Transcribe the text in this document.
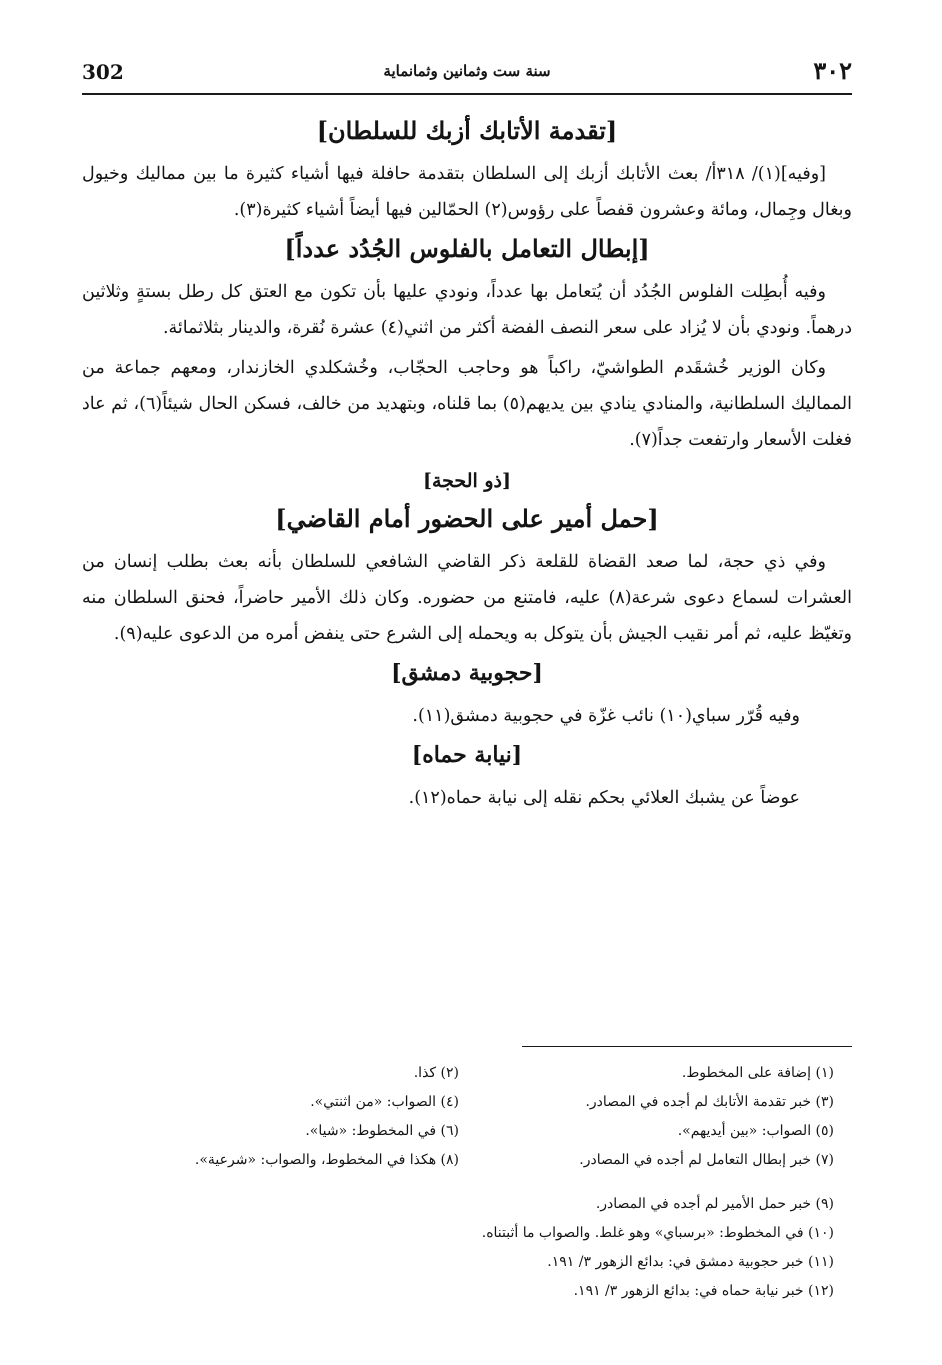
302	سنة ست وثمانين وثمانماية	٣٠٢
[تقدمة الأتابك أزبك للسلطان]

[وفيه](١)/ ٣١٨أ/ بعث الأتابك أزبك إلى السلطان بتقدمة حافلة فيها أشياء كثيرة ما بين مماليك وخيول وبغال وجِمال، ومائة وعشرون قفصاً على رؤوس(٢) الحمّالين فيها أيضاً أشياء كثيرة(٣).

[إبطال التعامل بالفلوس الجُدُد عدداً]

وفيه أُبطِلت الفلوس الجُدُد أن يُتعامل بها عدداً، ونودي عليها بأن تكون مع العتق كل رطل بستةٍ وثلاثين درهماً. ونودي بأن لا يُزاد على سعر النصف الفضة أكثر من اثني(٤) عشرة نُقرة، والدينار بثلاثمائة.

وكان الوزير خُشقَدم الطواشيّ، راكباً هو وحاجب الحجّاب، وخُشكلدي الخازندار، ومعهم جماعة من المماليك السلطانية، والمنادي ينادي بين يديهم(٥) بما قلناه، وبتهديد من خالف، فسكن الحال شيئاً(٦)، ثم عاد فغلت الأسعار وارتفعت جداً(٧).

[ذو الحجة]
[حمل أمير على الحضور أمام القاضي]

وفي ذي حجة، لما صعد القضاة للقلعة ذكر القاضي الشافعي للسلطان بأنه بعث بطلب إنسان من العشرات لسماع دعوى شرعة(٨) عليه، فامتنع من حضوره. وكان ذلك الأمير حاضراً، فحنق السلطان منه وتغيّظ عليه، ثم أمر نقيب الجيش بأن يتوكل به ويحمله إلى الشرع حتى ينفض أمره من الدعوى عليه(٩).

[حجوبية دمشق]

وفيه قُرّر سباي(١٠) نائب غزّة في حجوبية دمشق(١١).

[نيابة حماه]

عوضاً عن يشبك العلائي بحكم نقله إلى نيابة حماه(١٢).

(١) إضافة على المخطوط.
(٢) كذا.
(٣) خبر تقدمة الأتابك لم أجده في المصادر.
(٤) الصواب: «من اثنتي».
(٥) الصواب: «بين أيديهم».
(٦) في المخطوط: «شيا».
(٧) خبر إبطال التعامل لم أجده في المصادر.
(٨) هكذا في المخطوط، والصواب: «شرعية».
(٩) خبر حمل الأمير لم أجده في المصادر.
(١٠) في المخطوط: «برسباي» وهو غلط. والصواب ما أثبتناه.
(١١) خبر حجوبية دمشق في: بدائع الزهور ٣/ ١٩١.
(١٢) خبر نيابة حماه في: بدائع الزهور ٣/ ١٩١.
